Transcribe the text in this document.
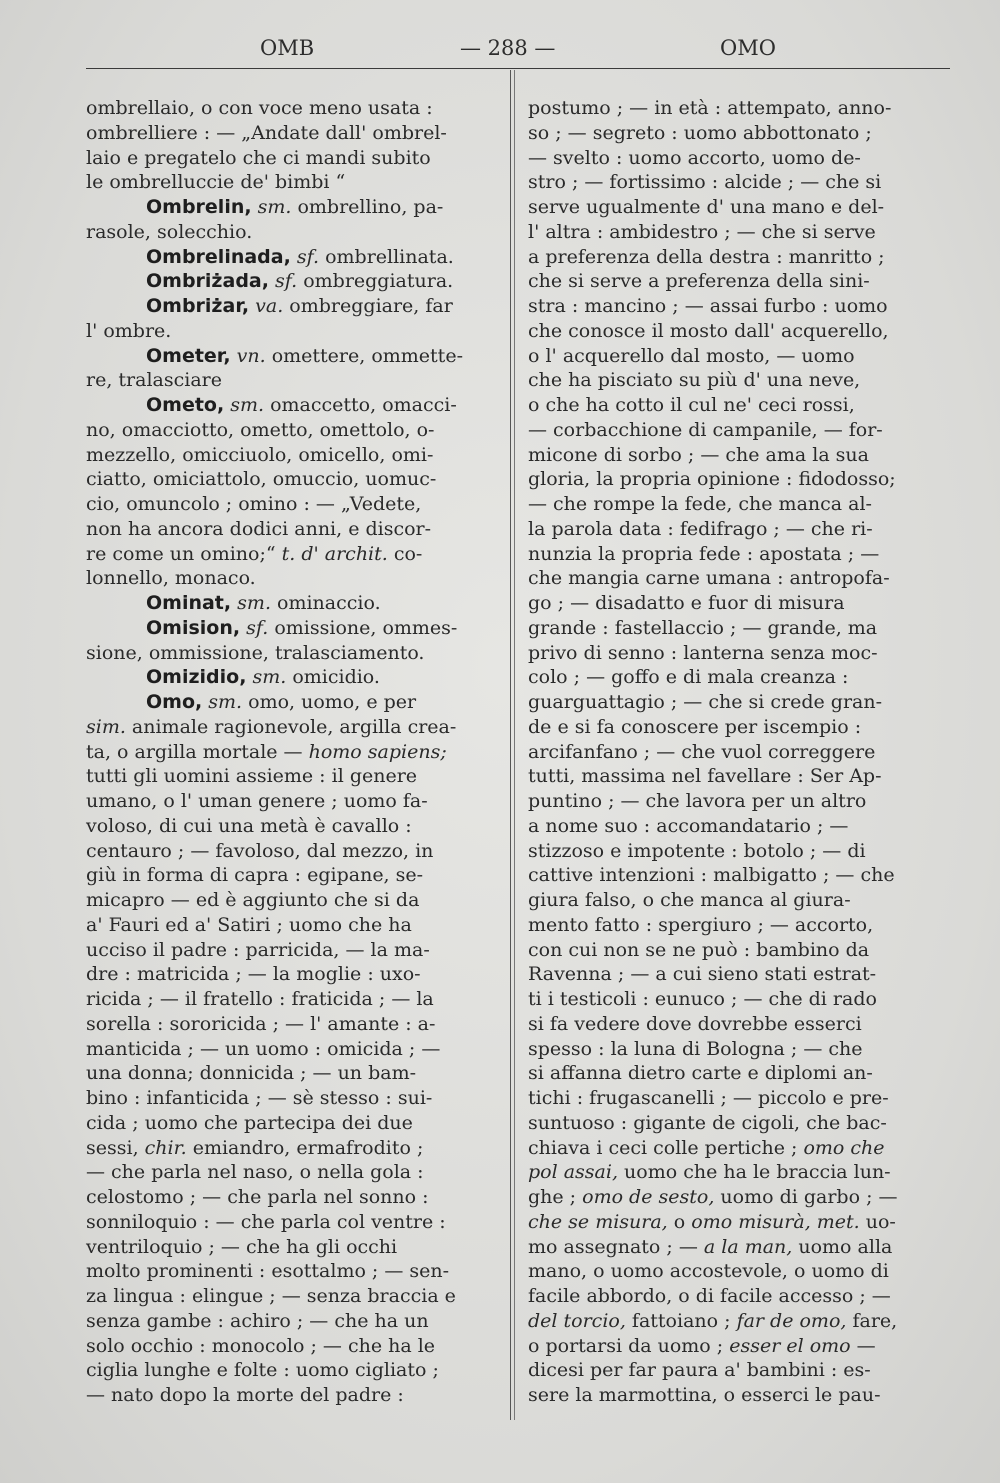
OMB	— 288 —	OMO
ombrellaio, o con voce meno usata :
ombrelliere : — „Andate dall' ombrel-
laio e pregatelo che ci mandi subito
le ombrelluccie de' bimbi “
Ombrelin, sm. ombrellino, pa-
rasole, solecchio.
Ombrelinada, sf. ombrellinata.
Ombriżada, sf. ombreggiatura.
Ombriżar, va. ombreggiare, far
l' ombre.
Ometer, vn. omettere, ommette-
re, tralasciare
Ometo, sm. omaccetto, omacci-
no, omacciotto, ometto, omettolo, o-
mezzello, omicciuolo, omicello, omi-
ciatto, omiciattolo, omuccio, uomuc-
cio, omuncolo ; omino : — „Vedete,
non ha ancora dodici anni, e discor-
re come un omino;“ t. d' archit. co-
lonnello, monaco.
Ominat, sm. ominaccio.
Omision, sf. omissione, ommes-
sione, ommissione, tralasciamento.
Omizidio, sm. omicidio.
Omo, sm. omo, uomo, e per
sim. animale ragionevole, argilla crea-
ta, o argilla mortale — homo sapiens;
tutti gli uomini assieme : il genere
umano, o l' uman genere ; uomo fa-
voloso, di cui una metà è cavallo :
centauro ; — favoloso, dal mezzo, in
giù in forma di capra : egipane, se-
micapro — ed è aggiunto che si da
a' Fauri ed a' Satiri ; uomo che ha
ucciso il padre : parricida, — la ma-
dre : matricida ; — la moglie : uxo-
ricida ; — il fratello : fraticida ; — la
sorella : sororicida ; — l' amante : a-
manticida ; — un uomo : omicida ; —
una donna; donnicida ; — un bam-
bino : infanticida ; — sè stesso : sui-
cida ; uomo che partecipa dei due
sessi, chir. emiandro, ermafrodito ;
— che parla nel naso, o nella gola :
celostomo ; — che parla nel sonno :
sonniloquio : — che parla col ventre :
ventriloquio ; — che ha gli occhi
molto prominenti : esottalmo ; — sen-
za lingua : elingue ; — senza braccia e
senza gambe : achiro ; — che ha un
solo occhio : monocolo ; — che ha le
ciglia lunghe e folte : uomo cigliato ;
— nato dopo la morte del padre :
postumo ; — in età : attempato, anno-
so ; — segreto : uomo abbottonato ;
— svelto : uomo accorto, uomo de-
stro ; — fortissimo : alcide ; — che si
serve ugualmente d' una mano e del-
l' altra : ambidestro ; — che si serve
a preferenza della destra : manritto ;
che si serve a preferenza della sini-
stra : mancino ; — assai furbo : uomo
che conosce il mosto dall' acquerello,
o l' acquerello dal mosto, — uomo
che ha pisciato su più d' una neve,
o che ha cotto il cul ne' ceci rossi,
— corbacchione di campanile, — for-
micone di sorbo ; — che ama la sua
gloria, la propria opinione : fidodosso;
— che rompe la fede, che manca al-
la parola data : fedifrago ; — che ri-
nunzia la propria fede : apostata ; —
che mangia carne umana : antropofa-
go ; — disadatto e fuor di misura
grande : fastellaccio ; — grande, ma
privo di senno : lanterna senza moc-
colo ; — goffo e di mala creanza :
guarguattagio ; — che si crede gran-
de e si fa conoscere per iscempio :
arcifanfano ; — che vuol correggere
tutti, massima nel favellare : Ser Ap-
puntino ; — che lavora per un altro
a nome suo : accomandatario ; —
stizzoso e impotente : botolo ; — di
cattive intenzioni : malbigatto ; — che
giura falso, o che manca al giura-
mento fatto : spergiuro ; — accorto,
con cui non se ne può : bambino da
Ravenna ; — a cui sieno stati estrat-
ti i testicoli : eunuco ; — che di rado
si fa vedere dove dovrebbe esserci
spesso : la luna di Bologna ; — che
si affanna dietro carte e diplomi an-
tichi : frugascanelli ; — piccolo e pre-
suntuoso : gigante de cigoli, che bac-
chiava i ceci colle pertiche ; omo che
pol assai, uomo che ha le braccia lun-
ghe ; omo de sesto, uomo di garbo ; —
che se misura, o omo misurà, met. uo-
mo assegnato ; — a la man, uomo alla
mano, o uomo accostevole, o uomo di
facile abbordo, o di facile accesso ; —
del torcio, fattoiano ; far de omo, fare,
o portarsi da uomo ; esser el omo —
dicesi per far paura a' bambini : es-
sere la marmottina, o esserci le pau-
